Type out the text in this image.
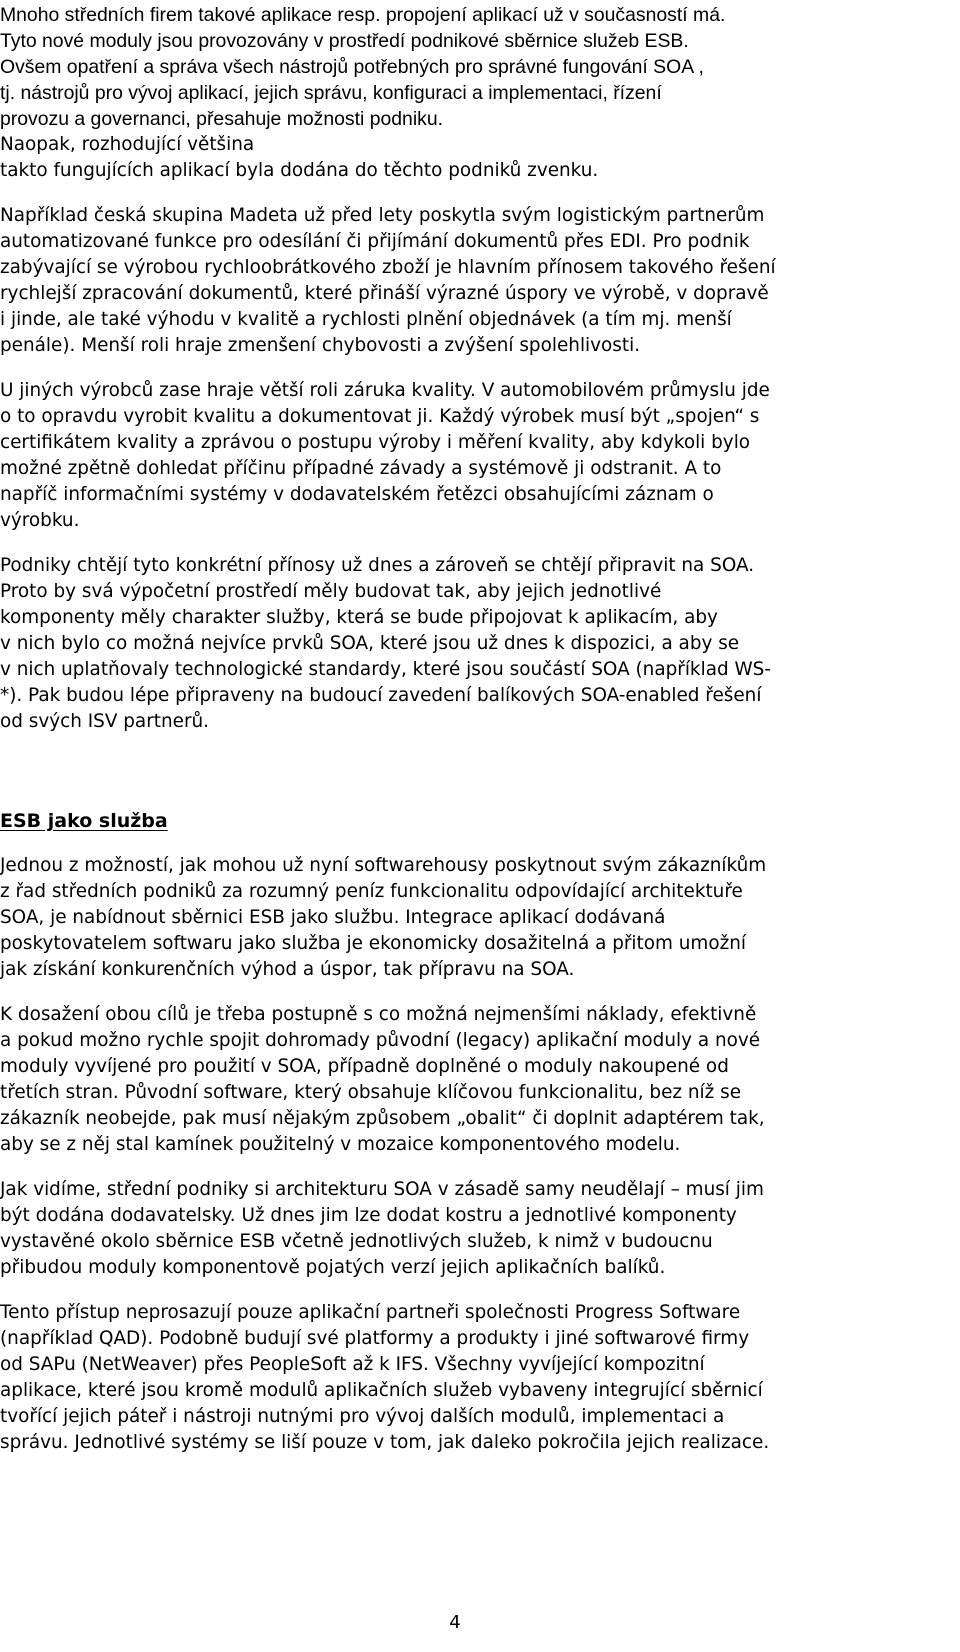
Mnoho středních firem takové aplikace resp. propojení aplikací už v současností má.
Tyto nové moduly jsou provozovány v prostředí podnikové sběrnice služeb ESB.
Ovšem opatření a správa všech nástrojů potřebných pro správné fungování SOA ,
tj. nástrojů pro vývoj aplikací, jejich správu, konfiguraci a implementaci, řízení
provozu a governanci, přesahuje možnosti podniku.

Naopak, rozhodující většina
takto fungujících aplikací byla dodána do těchto podniků zvenku.

Například česká skupina Madeta už před lety poskytla svým logistickým partnerům
automatizované funkce pro odesílání či přijímání dokumentů přes EDI. Pro podnik
zabývající se výrobou rychloobrátkového zboží je hlavním přínosem takového řešení
rychlejší zpracování dokumentů, které přináší výrazné úspory ve výrobě, v dopravě
i jinde, ale také výhodu v kvalitě a rychlosti plnění objednávek (a tím mj. menší
penále). Menší roli hraje zmenšení chybovosti a zvýšení spolehlivosti.

U jiných výrobců zase hraje větší roli záruka kvality. V automobilovém průmyslu jde
o to opravdu vyrobit kvalitu a dokumentovat ji. Každý výrobek musí být „spojen“ s
certifikátem kvality a zprávou o postupu výroby i měření kvality, aby kdykoli bylo
možné zpětně dohledat příčinu případné závady a systémově ji odstranit. A to
napříč informačními systémy v dodavatelském řetězci obsahujícími záznam o
výrobku.

Podniky chtějí tyto konkrétní přínosy už dnes a zároveň se chtějí připravit na SOA.
Proto by svá výpočetní prostředí měly budovat tak, aby jejich jednotlivé
komponenty měly charakter služby, která se bude připojovat k aplikacím, aby
v nich bylo co možná nejvíce prvků SOA, které jsou už dnes k dispozici, a aby se
v nich uplatňovaly technologické standardy, které jsou součástí SOA (například WS-
*). Pak budou lépe připraveny na budoucí zavedení balíkových SOA-enabled řešení
od svých ISV partnerů.

ESB jako služba

Jednou z možností, jak mohou už nyní softwarehousy poskytnout svým zákazníkům
z řad středních podniků za rozumný peníz funkcionalitu odpovídající architektuře
SOA, je nabídnout sběrnici ESB jako službu. Integrace aplikací dodávaná
poskytovatelem softwaru jako služba je ekonomicky dosažitelná a přitom umožní
jak získání konkurenčních výhod a úspor, tak přípravu na SOA.

K dosažení obou cílů je třeba postupně s co možná nejmenšími náklady, efektivně
a pokud možno rychle spojit dohromady původní (legacy) aplikační moduly a nové
moduly vyvíjené pro použití v SOA, případně doplněné o moduly nakoupené od
třetích stran. Původní software, který obsahuje klíčovou funkcionalitu, bez níž se
zákazník neobejde, pak musí nějakým způsobem „obalit“ či doplnit adaptérem tak,
aby se z něj stal kamínek použitelný v mozaice komponentového modelu.

Jak vidíme, střední podniky si architekturu SOA v zásadě samy neudělají – musí jim
být dodána dodavatelsky. Už dnes jim lze dodat kostru a jednotlivé komponenty
vystavěné okolo sběrnice ESB včetně jednotlivých služeb, k nimž v budoucnu
přibudou moduly komponentově pojatých verzí jejich aplikačních balíků.

Tento přístup neprosazují pouze aplikační partneři společnosti Progress Software
(například QAD). Podobně budují své platformy a produkty i jiné softwarové firmy
od SAPu (NetWeaver) přes PeopleSoft až k IFS. Všechny vyvíjející kompozitní
aplikace, které jsou kromě modulů aplikačních služeb vybaveny integrující sběrnicí
tvořící jejich páteř i nástroji nutnými pro vývoj dalších modulů, implementaci a
správu. Jednotlivé systémy se liší pouze v tom, jak daleko pokročila jejich realizace.

4
